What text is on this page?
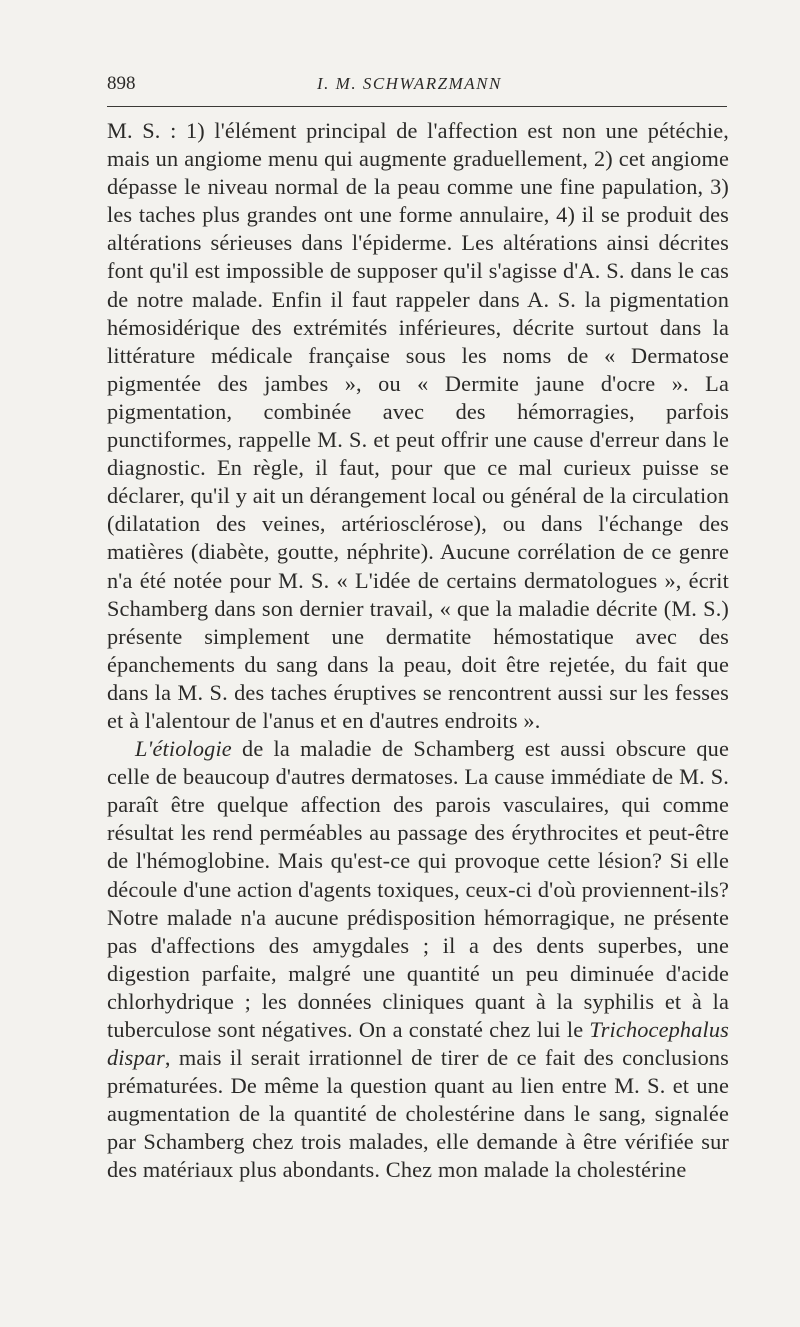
898	I. M. SCHWARZMANN

M. S. : 1) l'élément principal de l'affection est non une pétéchie, mais un angiome menu qui augmente graduellement, 2) cet angiome dépasse le niveau normal de la peau comme une fine papulation, 3) les taches plus grandes ont une forme annulaire, 4) il se produit des altérations sérieuses dans l'épiderme. Les altérations ainsi décrites font qu'il est impossible de supposer qu'il s'agisse d'A. S. dans le cas de notre malade. Enfin il faut rappeler dans A. S. la pigmentation hémosidérique des extrémités inférieures, décrite surtout dans la littérature médicale française sous les noms de « Dermatose pigmentée des jambes », ou « Dermite jaune d'ocre ». La pigmentation, combinée avec des hémorragies, parfois punctiformes, rappelle M. S. et peut offrir une cause d'erreur dans le diagnostic. En règle, il faut, pour que ce mal curieux puisse se déclarer, qu'il y ait un dérangement local ou général de la circulation (dilatation des veines, artériosclérose), ou dans l'échange des matières (diabète, goutte, néphrite). Aucune corrélation de ce genre n'a été notée pour M. S. « L'idée de certains dermatologues », écrit Schamberg dans son dernier travail, « que la maladie décrite (M. S.) présente simplement une dermatite hémostatique avec des épanchements du sang dans la peau, doit être rejetée, du fait que dans la M. S. des taches éruptives se rencontrent aussi sur les fesses et à l'alentour de l'anus et en d'autres endroits ».

L'étiologie de la maladie de Schamberg est aussi obscure que celle de beaucoup d'autres dermatoses. La cause immédiate de M. S. paraît être quelque affection des parois vasculaires, qui comme résultat les rend perméables au passage des érythrocites et peut-être de l'hémoglobine. Mais qu'est-ce qui provoque cette lésion? Si elle découle d'une action d'agents toxiques, ceux-ci d'où proviennent-ils? Notre malade n'a aucune prédisposition hémorragique, ne présente pas d'affections des amygdales ; il a des dents superbes, une digestion parfaite, malgré une quantité un peu diminuée d'acide chlorhydrique ; les données cliniques quant à la syphilis et à la tuberculose sont négatives. On a constaté chez lui le Trichocephalus dispar, mais il serait irrationnel de tirer de ce fait des conclusions prématurées. De même la question quant au lien entre M. S. et une augmentation de la quantité de cholestérine dans le sang, signalée par Schamberg chez trois malades, elle demande à être vérifiée sur des matériaux plus abondants. Chez mon malade la cholestérine
